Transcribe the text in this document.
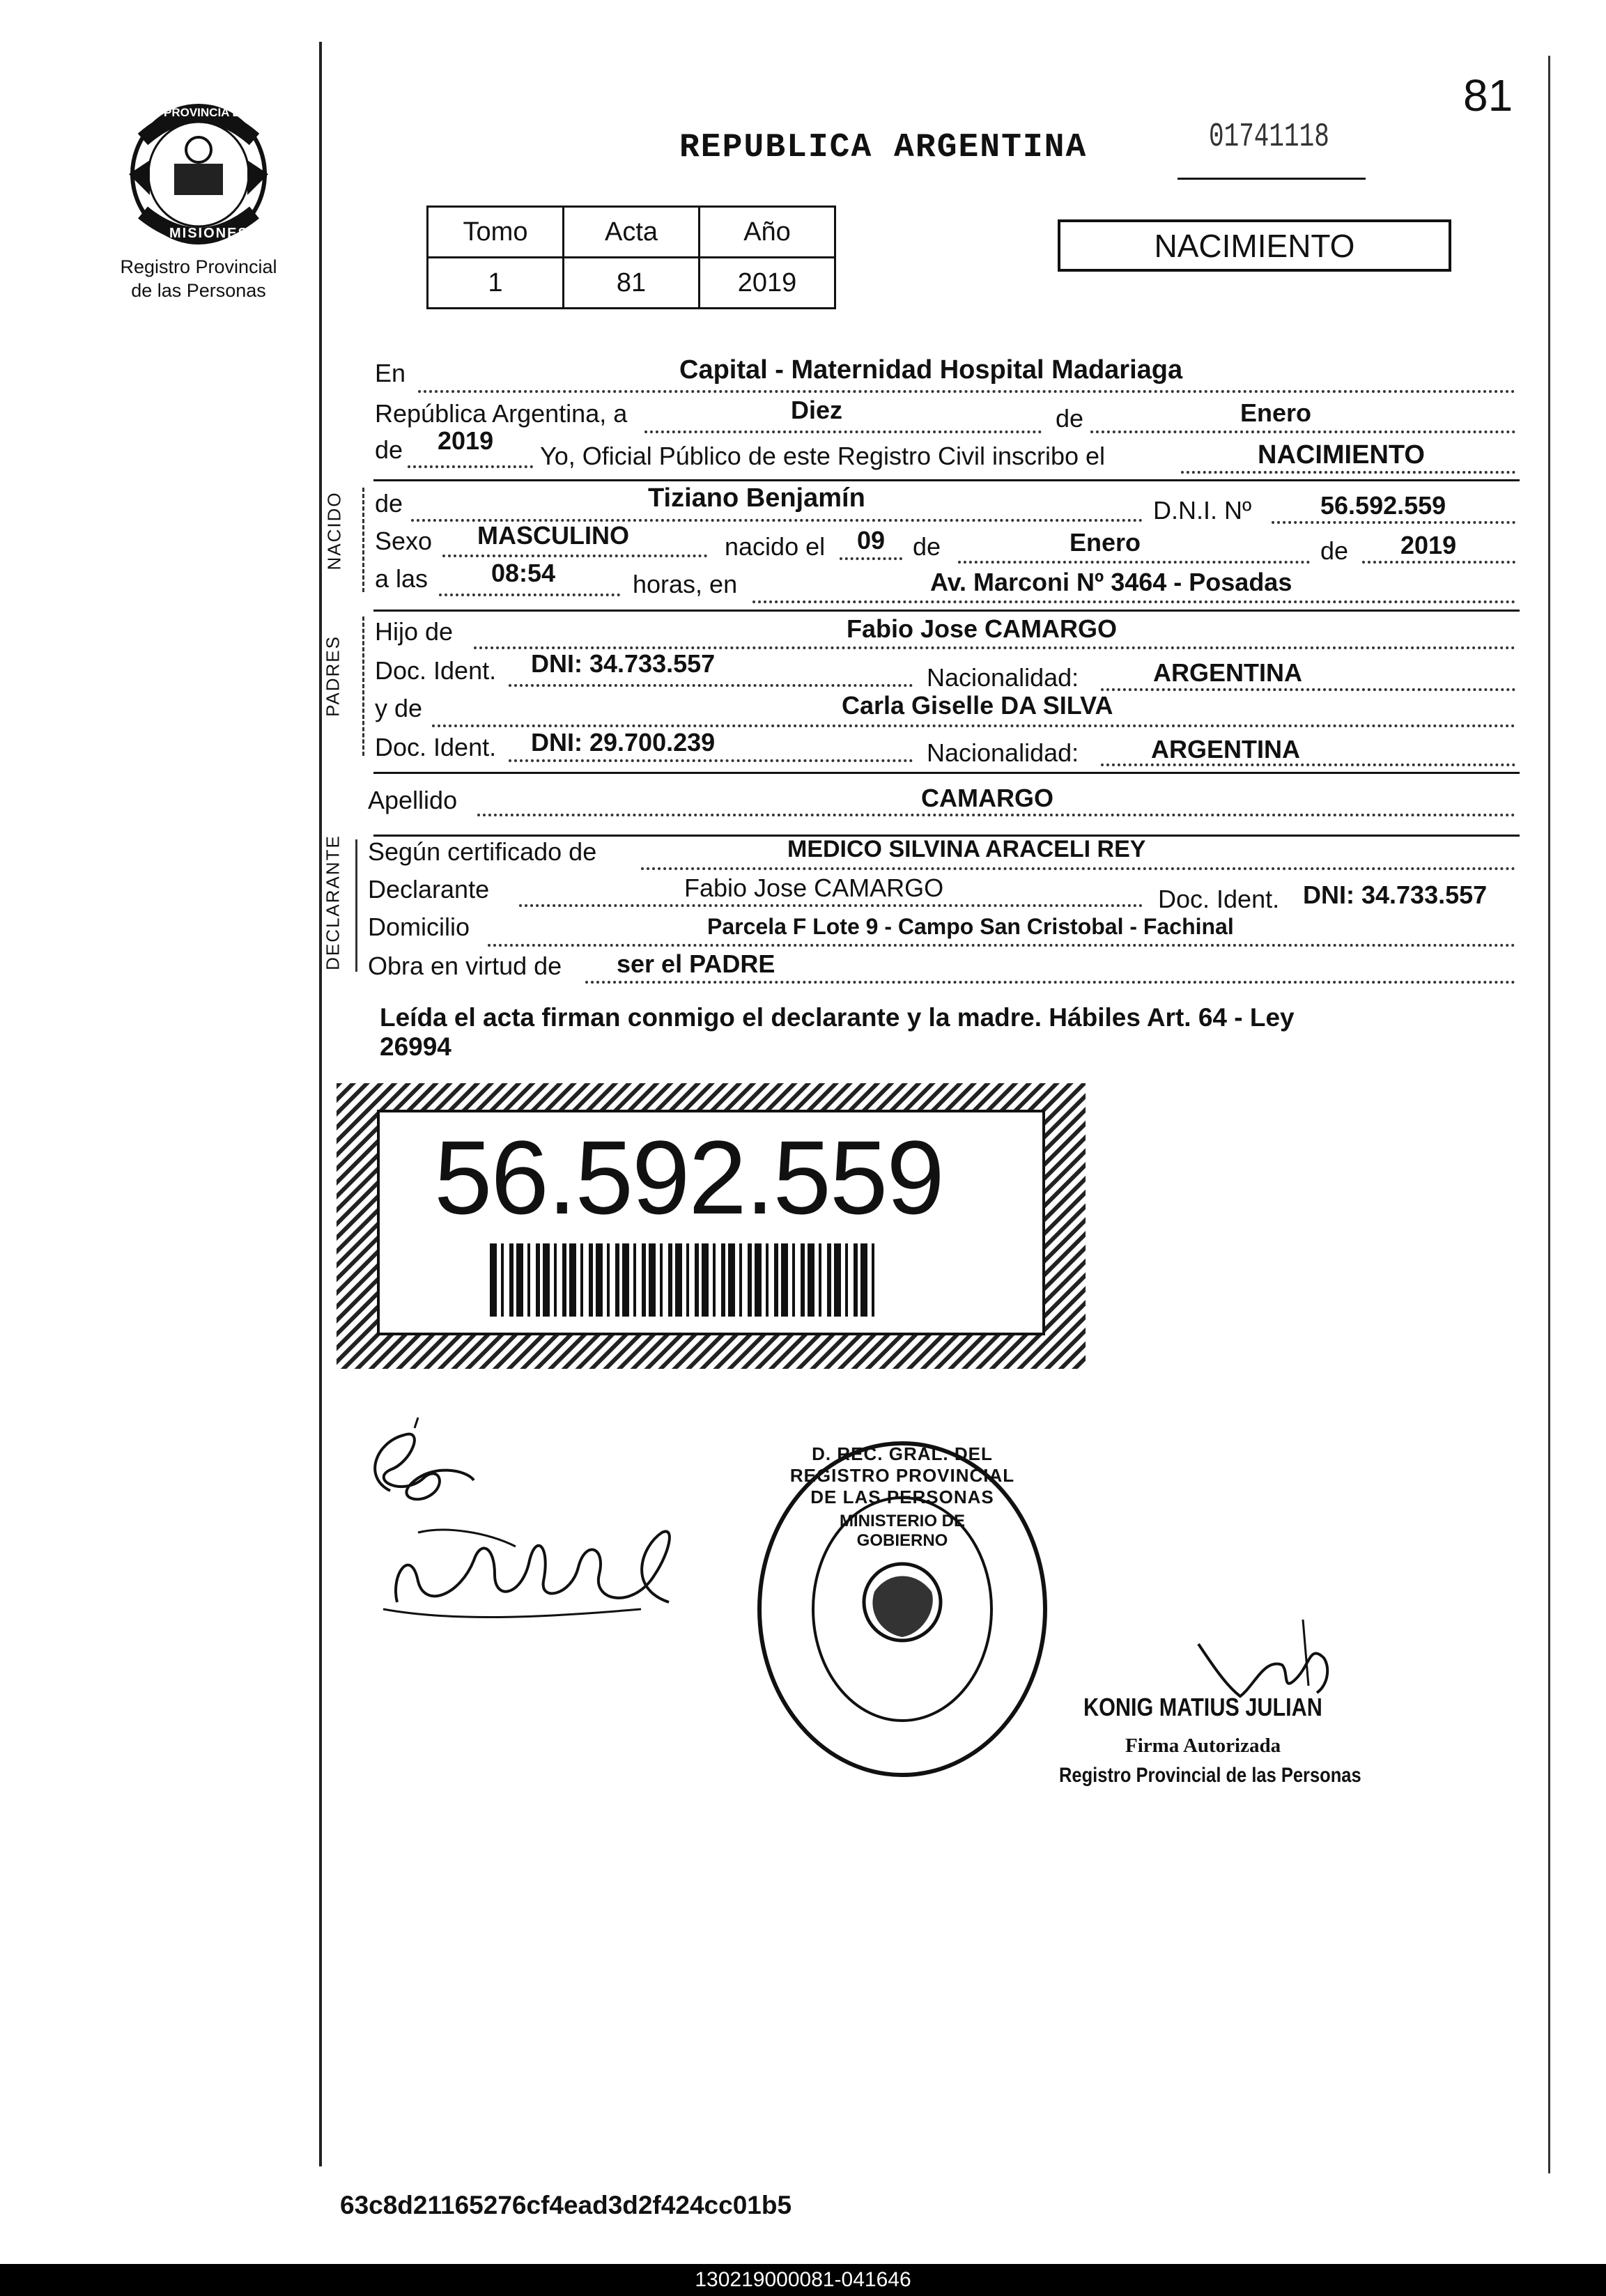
81
PROVINCIA DE
MISIONES
Registro Provincial
de las Personas
REPUBLICA ARGENTINA	01741118
Tomo	Acta	Año
1	81	2019
NACIMIENTO
En	Capital - Maternidad Hospital Madariaga
República Argentina, a	Diez	de	Enero
de 2019
Yo, Oficial Público de este Registro Civil inscribo el	NACIMIENTO
NACIDO de	Tiziano Benjamín	D.N.I. Nº	56.592.559
Sexo MASCULINO	nacido el 09 de	Enero	de 2019
a las	08:54	horas, en	Av. Marconi Nº 3464 - Posadas
PADRES
Hijo de	Fabio Jose CAMARGO
Doc. Ident. DNI: 34.733.557	Nacionalidad:	ARGENTINA
y de	Carla Giselle DA SILVA
Doc. Ident. DNI: 29.700.239	Nacionalidad:	ARGENTINA
Apellido	CAMARGO
DECLARANTE Según certificado de	MEDICO SILVINA ARACELI REY
Declarante	Fabio Jose CAMARGO	Doc. Ident. DNI: 34.733.557
Domicilio	Parcela F Lote 9 - Campo San Cristobal - Fachinal
Obra en virtud de ser el PADRE
Leída el acta firman conmigo el declarante y la madre. Hábiles Art. 64 - Ley
26994
56.592.559
D. REC. GRAL. DEL REGISTRO PROVINCIAL DE LAS PERSONAS
MINISTERIO DE GOBIERNO
KONIG MATIUS JULIAN
Firma Autorizada
Registro Provincial de las Personas
63c8d21165276cf4ead3d2f424cc01b5
130219000081-041646
